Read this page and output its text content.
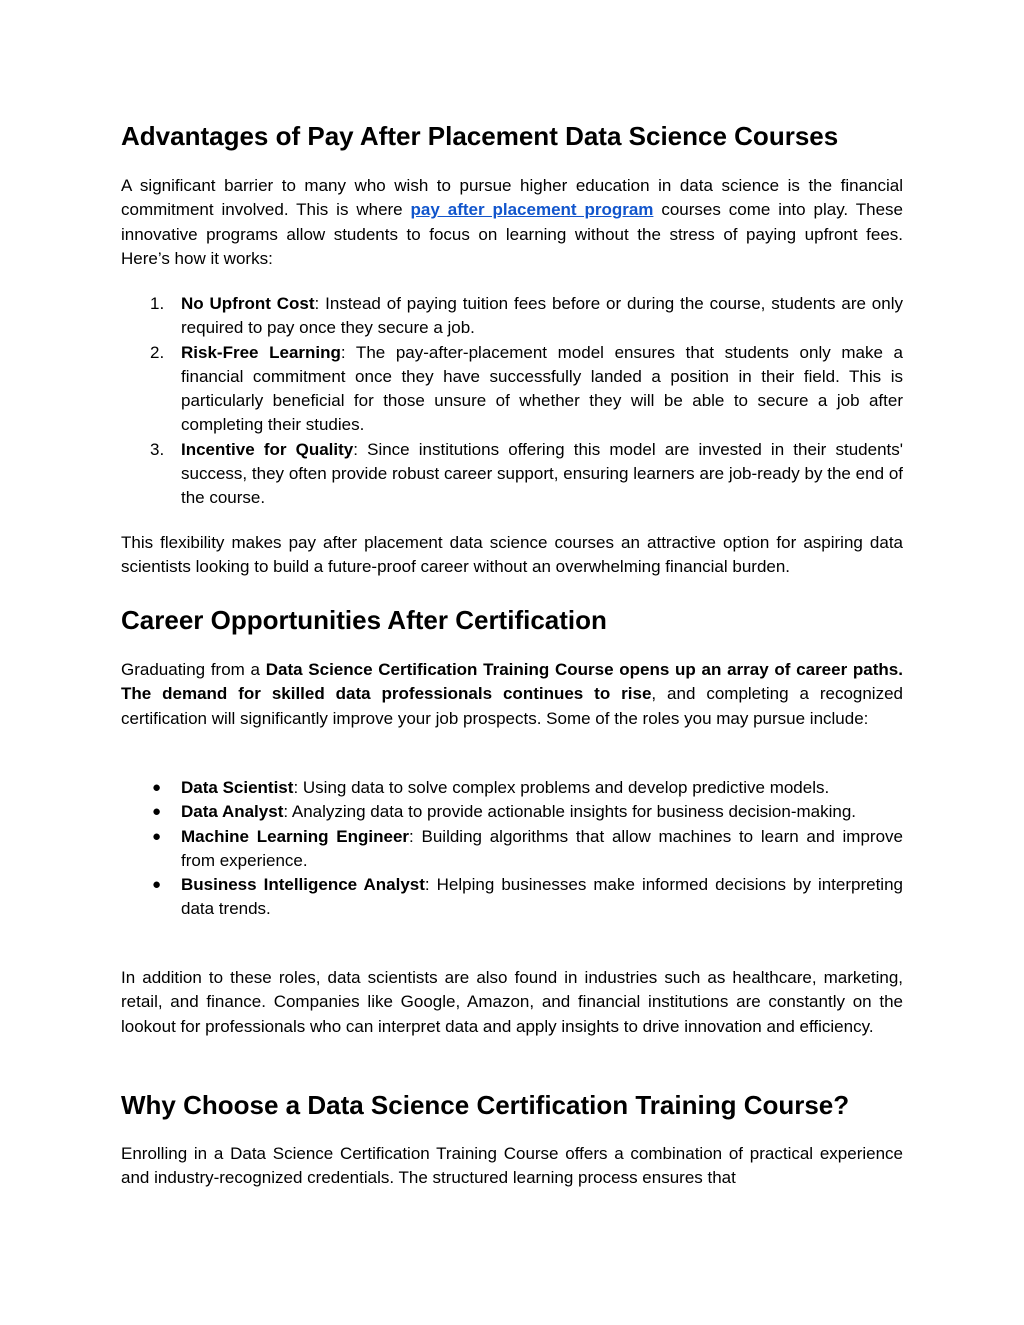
Advantages of Pay After Placement Data Science Courses

A significant barrier to many who wish to pursue higher education in data science is the financial commitment involved. This is where pay after placement program courses come into play. These innovative programs allow students to focus on learning without the stress of paying upfront fees. Here’s how it works:

1. No Upfront Cost: Instead of paying tuition fees before or during the course, students are only required to pay once they secure a job.
2. Risk-Free Learning: The pay-after-placement model ensures that students only make a financial commitment once they have successfully landed a position in their field. This is particularly beneficial for those unsure of whether they will be able to secure a job after completing their studies.
3. Incentive for Quality: Since institutions offering this model are invested in their students' success, they often provide robust career support, ensuring learners are job-ready by the end of the course.

This flexibility makes pay after placement data science courses an attractive option for aspiring data scientists looking to build a future-proof career without an overwhelming financial burden.

Career Opportunities After Certification

Graduating from a Data Science Certification Training Course opens up an array of career paths. The demand for skilled data professionals continues to rise, and completing a recognized certification will significantly improve your job prospects. Some of the roles you may pursue include:

● Data Scientist: Using data to solve complex problems and develop predictive models.
● Data Analyst: Analyzing data to provide actionable insights for business decision-making.
● Machine Learning Engineer: Building algorithms that allow machines to learn and improve from experience.
● Business Intelligence Analyst: Helping businesses make informed decisions by interpreting data trends.

In addition to these roles, data scientists are also found in industries such as healthcare, marketing, retail, and finance. Companies like Google, Amazon, and financial institutions are constantly on the lookout for professionals who can interpret data and apply insights to drive innovation and efficiency.

Why Choose a Data Science Certification Training Course?

Enrolling in a Data Science Certification Training Course offers a combination of practical experience and industry-recognized credentials. The structured learning process ensures that
